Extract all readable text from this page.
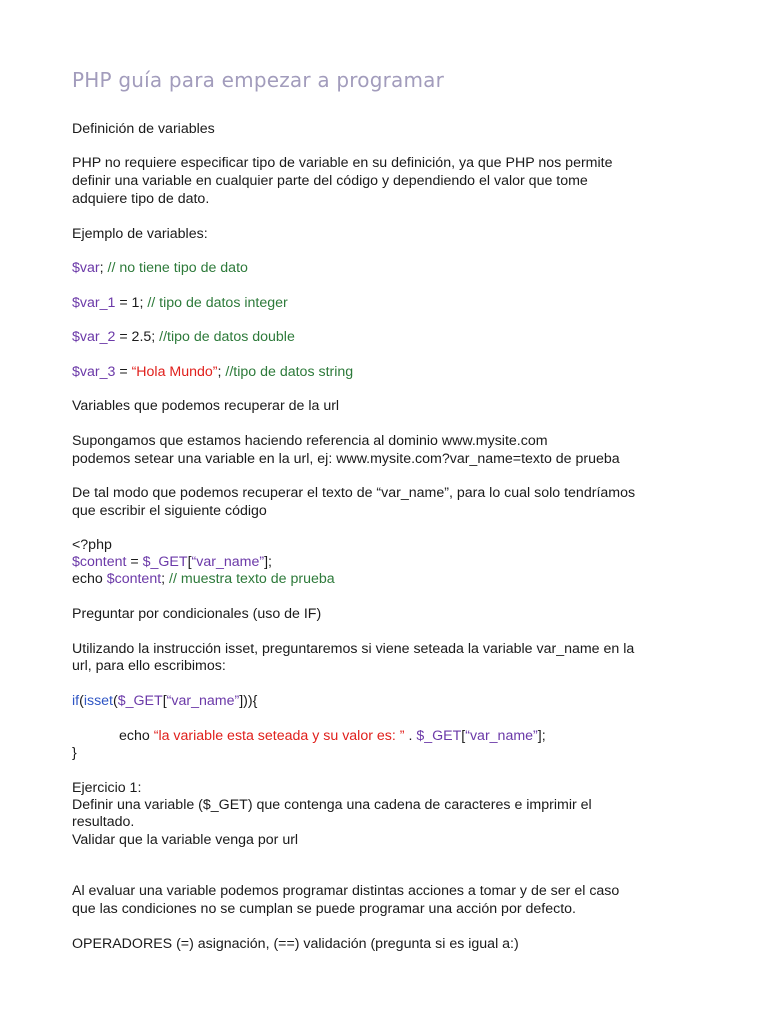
PHP guía para empezar a programar
Definición de variables
PHP no requiere especificar tipo de variable en su definición, ya que PHP nos permite
definir una variable en cualquier parte del código y dependiendo el valor que tome
adquiere tipo de dato.
Ejemplo de variables:
$var; // no tiene tipo de dato
$var_1 = 1; // tipo de datos integer
$var_2 = 2.5; //tipo de datos double
$var_3 = “Hola Mundo”; //tipo de datos string
Variables que podemos recuperar de la url
Supongamos que estamos haciendo referencia al dominio www.mysite.com
podemos setear una variable en la url, ej: www.mysite.com?var_name=texto de prueba
De tal modo que podemos recuperar el texto de “var_name”, para lo cual solo tendríamos
que escribir el siguiente código
<?php
$content = $_GET[“var_name”];
echo $content; // muestra texto de prueba
Preguntar por condicionales (uso de IF)
Utilizando la instrucción isset, preguntaremos si viene seteada la variable var_name en la
url, para ello escribimos:
if(isset($_GET[“var_name”])){
echo “la variable esta seteada y su valor es: ” . $_GET[“var_name”];
}
Ejercicio 1:
Definir una variable ($_GET) que contenga una cadena de caracteres e imprimir el
resultado.
Validar que la variable venga por url
Al evaluar una variable podemos programar distintas acciones a tomar y de ser el caso
que las condiciones no se cumplan se puede programar una acción por defecto.
OPERADORES (=) asignación, (==) validación (pregunta si es igual a:)
